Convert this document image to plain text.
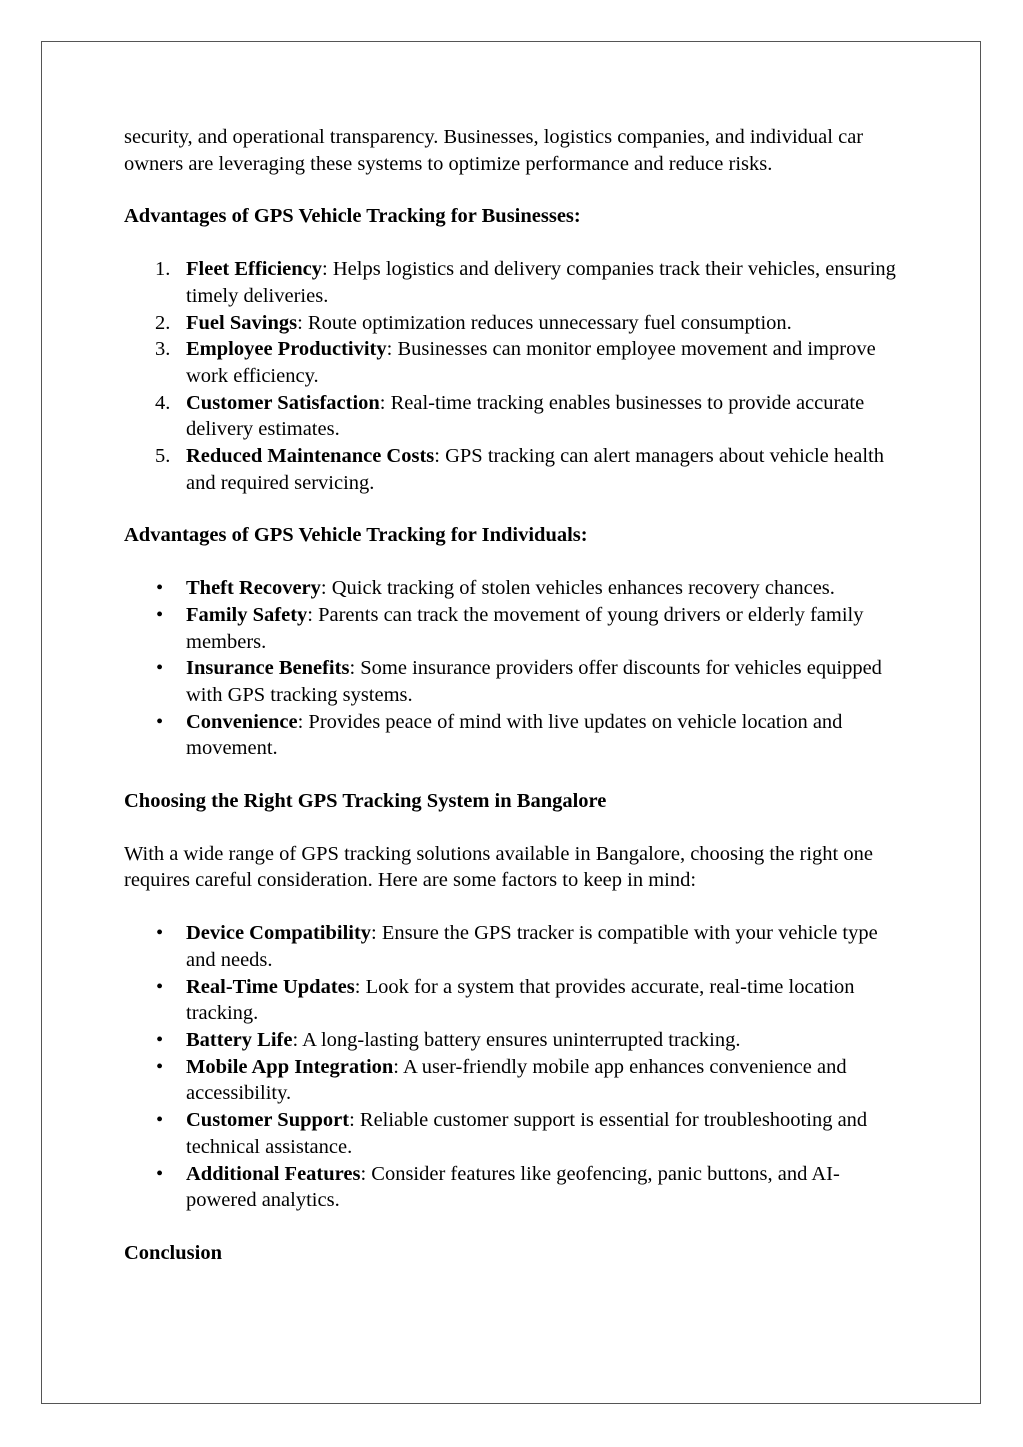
security, and operational transparency. Businesses, logistics companies, and individual car owners are leveraging these systems to optimize performance and reduce risks.

Advantages of GPS Vehicle Tracking for Businesses:

Fleet Efficiency: Helps logistics and delivery companies track their vehicles, ensuring timely deliveries.
Fuel Savings: Route optimization reduces unnecessary fuel consumption.
Employee Productivity: Businesses can monitor employee movement and improve work efficiency.
Customer Satisfaction: Real-time tracking enables businesses to provide accurate delivery estimates.
Reduced Maintenance Costs: GPS tracking can alert managers about vehicle health and required servicing.

Advantages of GPS Vehicle Tracking for Individuals:

• Theft Recovery: Quick tracking of stolen vehicles enhances recovery chances.
• Family Safety: Parents can track the movement of young drivers or elderly family members.
• Insurance Benefits: Some insurance providers offer discounts for vehicles equipped with GPS tracking systems.
• Convenience: Provides peace of mind with live updates on vehicle location and movement.

Choosing the Right GPS Tracking System in Bangalore

With a wide range of GPS tracking solutions available in Bangalore, choosing the right one requires careful consideration. Here are some factors to keep in mind:

• Device Compatibility: Ensure the GPS tracker is compatible with your vehicle type and needs.
• Real-Time Updates: Look for a system that provides accurate, real-time location tracking.
• Battery Life: A long-lasting battery ensures uninterrupted tracking.
• Mobile App Integration: A user-friendly mobile app enhances convenience and accessibility.
• Customer Support: Reliable customer support is essential for troubleshooting and technical assistance.
• Additional Features: Consider features like geofencing, panic buttons, and AI-powered analytics.

Conclusion
